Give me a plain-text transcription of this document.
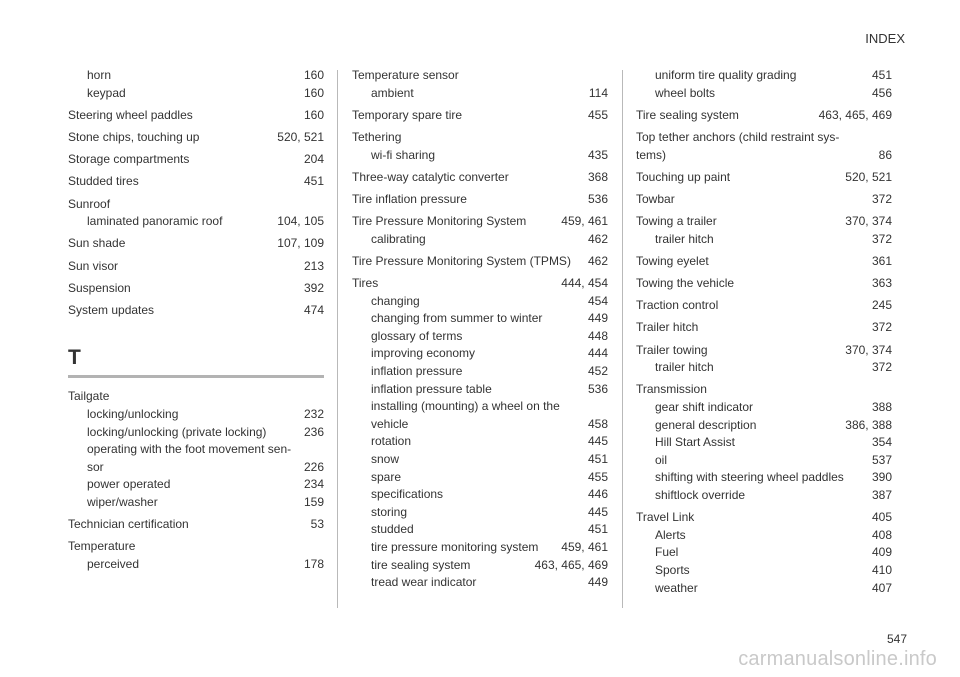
INDEX
horn	160
keypad	160
Steering wheel paddles	160
Stone chips, touching up	520, 521
Storage compartments	204
Studded tires	451
Sunroof
laminated panoramic roof	104, 105
Sun shade	107, 109
Sun visor	213
Suspension	392
System updates	474
T
Tailgate
locking/unlocking	232
locking/unlocking (private locking)	236
operating with the foot movement sen-
sor	226
power operated	234
wiper/washer	159
Technician certification	53
Temperature
perceived	178
Temperature sensor
ambient	114
Temporary spare tire	455
Tethering
wi-fi sharing	435
Three-way catalytic converter	368
Tire inflation pressure	536
Tire Pressure Monitoring System	459, 461
calibrating	462
Tire Pressure Monitoring System (TPMS)	462
Tires	444, 454
changing	454
changing from summer to winter	449
glossary of terms	448
improving economy	444
inflation pressure	452
inflation pressure table	536
installing (mounting) a wheel on the
vehicle	458
rotation	445
snow	451
spare	455
specifications	446
storing	445
studded	451
tire pressure monitoring system	459, 461
tire sealing system	463, 465, 469
tread wear indicator	449
uniform tire quality grading	451
wheel bolts	456
Tire sealing system	463, 465, 469
Top tether anchors (child restraint sys-
tems)	86
Touching up paint	520, 521
Towbar	372
Towing a trailer	370, 374
trailer hitch	372
Towing eyelet	361
Towing the vehicle	363
Traction control	245
Trailer hitch	372
Trailer towing	370, 374
trailer hitch	372
Transmission
gear shift indicator	388
general description	386, 388
Hill Start Assist	354
oil	537
shifting with steering wheel paddles	390
shiftlock override	387
Travel Link	405
Alerts	408
Fuel	409
Sports	410
weather	407
547
carmanualsonline.info
